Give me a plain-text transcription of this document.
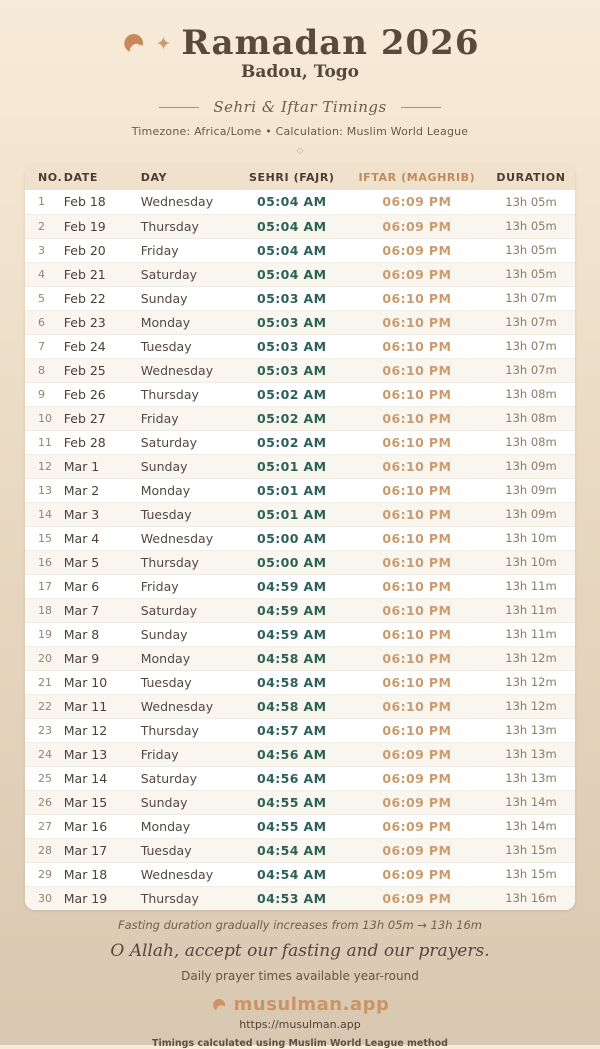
✦ Ramadan 2026
Badou, Togo
Sehri & Iftar Timings
Timezone: Africa/Lome • Calculation: Muslim World League
◇
NO.	DATE	DAY	SEHRI (FAJR)	IFTAR (MAGHRIB)	DURATION
1	Feb 18	Wednesday	05:04 AM	06:09 PM	13h 05m
2	Feb 19	Thursday	05:04 AM	06:09 PM	13h 05m
3	Feb 20	Friday	05:04 AM	06:09 PM	13h 05m
4	Feb 21	Saturday	05:04 AM	06:09 PM	13h 05m
5	Feb 22	Sunday	05:03 AM	06:10 PM	13h 07m
6	Feb 23	Monday	05:03 AM	06:10 PM	13h 07m
7	Feb 24	Tuesday	05:03 AM	06:10 PM	13h 07m
8	Feb 25	Wednesday	05:03 AM	06:10 PM	13h 07m
9	Feb 26	Thursday	05:02 AM	06:10 PM	13h 08m
10	Feb 27	Friday	05:02 AM	06:10 PM	13h 08m
11	Feb 28	Saturday	05:02 AM	06:10 PM	13h 08m
12	Mar 1	Sunday	05:01 AM	06:10 PM	13h 09m
13	Mar 2	Monday	05:01 AM	06:10 PM	13h 09m
14	Mar 3	Tuesday	05:01 AM	06:10 PM	13h 09m
15	Mar 4	Wednesday	05:00 AM	06:10 PM	13h 10m
16	Mar 5	Thursday	05:00 AM	06:10 PM	13h 10m
17	Mar 6	Friday	04:59 AM	06:10 PM	13h 11m
18	Mar 7	Saturday	04:59 AM	06:10 PM	13h 11m
19	Mar 8	Sunday	04:59 AM	06:10 PM	13h 11m
20	Mar 9	Monday	04:58 AM	06:10 PM	13h 12m
21	Mar 10	Tuesday	04:58 AM	06:10 PM	13h 12m
22	Mar 11	Wednesday	04:58 AM	06:10 PM	13h 12m
23	Mar 12	Thursday	04:57 AM	06:10 PM	13h 13m
24	Mar 13	Friday	04:56 AM	06:09 PM	13h 13m
25	Mar 14	Saturday	04:56 AM	06:09 PM	13h 13m
26	Mar 15	Sunday	04:55 AM	06:09 PM	13h 14m
27	Mar 16	Monday	04:55 AM	06:09 PM	13h 14m
28	Mar 17	Tuesday	04:54 AM	06:09 PM	13h 15m
29	Mar 18	Wednesday	04:54 AM	06:09 PM	13h 15m
30	Mar 19	Thursday	04:53 AM	06:09 PM	13h 16m
Fasting duration gradually increases from 13h 05m → 13h 16m
O Allah, accept our fasting and our prayers.
Daily prayer times available year-round
musulman.app
https://musulman.app
Timings calculated using Muslim World League method
